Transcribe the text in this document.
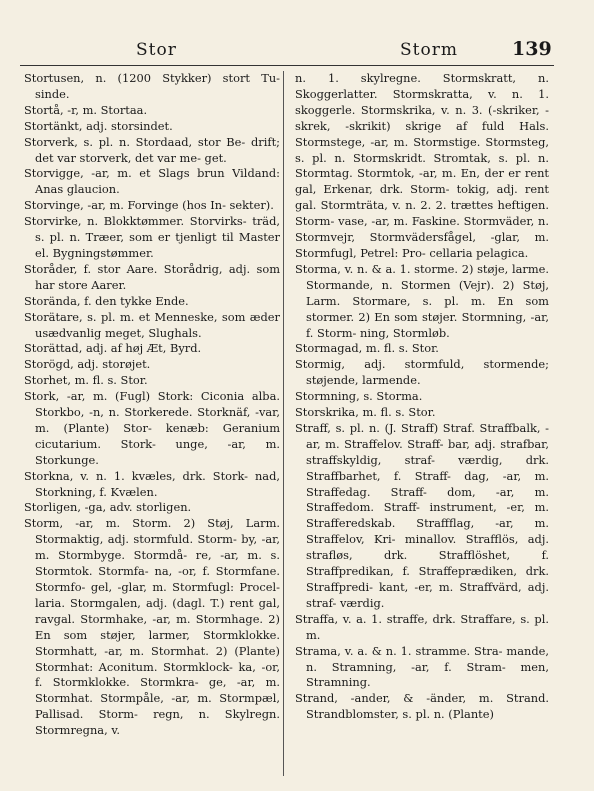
Stor	Storm	139

Stortusen, n. (1200 Stykker) stort Tu- sinde.

Stortå, -r, m. Stortaa.

Stortänkt, adj. storsindet.

Storverk, s. pl. n. Stordaad, stor Be- drift; det var storverk, det var me- get.

Storvigge, -ar, m. et Slags brun Vildand: Anas glaucion.

Storvinge, -ar, m. Forvinge (hos In- sekter).

Storvirke, n. Blokktømmer. Storvirks- träd, s. pl. n. Træer, som er tjenligt til Master el. Bygningstømmer.

Storåder, f. stor Aare. Storådrig, adj. som har store Aarer.

Storända, f. den tykke Ende.

Storätare, s. pl. m. et Menneske, som æder usædvanlig meget, Slughals.

Storättad, adj. af høj Æt, Byrd.

Storögd, adj. storøjet.

Storhet, m. fl. s. Stor.

Stork, -ar, m. (Fugl) Stork: Ciconia alba. Storkbo, -n, n. Storkerede. Storknäf, -var, m. (Plante) Stor- kenæb: Geranium cicutarium. Stork- unge, -ar, m. Storkunge.

Storkna, v. n. 1. kvæles, drk. Stork- nad, Storkning, f. Kvælen.

Storligen, -ga, adv. storligen.

Storm, -ar, m. Storm. 2) Støj, Larm. Stormaktig, adj. stormfuld. Storm- by, -ar, m. Stormbyge. Stormdå- re, -ar, m. s. Stormtok. Stormfa- na, -or, f. Stormfane. Stormfo- gel, -glar, m. Stormfugl: Procel- laria. Stormgalen, adj. (dagl. T.) rent gal, ravgal. Stormhake, -ar, m. Stormhage. 2) En som støjer, larmer, Stormklokke. Stormhatt, -ar, m. Stormhat. 2) (Plante) Stormhat: Aconitum. Stormklock- ka, -or, f. Stormklokke. Stormkra- ge, -ar, m. Stormhat. Stormpåle, -ar, m. Stormpæl, Pallisad. Storm- regn, n. Skylregn. Stormregna, v.

n. 1. skylregne. Stormskratt, n. Skoggerlatter. Stormskratta, v. n. 1. skoggerle. Stormskrika, v. n. 3. (-skriker, -skrek, -skrikit) skrige af fuld Hals. Stormstege, -ar, m. Stormstige. Stormsteg, s. pl. n. Stormskridt. Stromtak, s. pl. n. Stormtag. Stormtok, -ar, m. En, der er rent gal, Erkenar, drk. Storm- tokig, adj. rent gal. Stormträta, v. n. 2. 2. trættes heftigen. Storm- vase, -ar, m. Faskine. Stormväder, n. Stormvejr, Stormvädersfågel, -glar, m. Stormfugl, Petrel: Pro- cellaria pelagica.

Storma, v. n. & a. 1. storme. 2) støje, larme. Stormande, n. Stormen (Vejr). 2) Støj, Larm. Stormare, s. pl. m. En som stormer. 2) En som støjer. Stormning, -ar, f. Storm- ning, Stormløb.

Stormagad, m. fl. s. Stor.

Stormig, adj. stormfuld, stormende; støjende, larmende.

Stormning, s. Storma.

Storskrika, m. fl. s. Stor.

Straff, s. pl. n. (J. Straff) Straf. Straffbalk, -ar, m. Straffelov. Straff- bar, adj. strafbar, straffskyldig, straf- værdig, drk. Straffbarhet, f. Straff- dag, -ar, m. Straffedag. Straff- dom, -ar, m. Straffedom. Straff- instrument, -er, m. Strafferedskab. Straffflag, -ar, m. Straffelov, Kri- minallov. Strafflös, adj. strafløs, drk. Strafflöshet, f. Straffpredikan, f. Straffeprædiken, drk. Straffpredi- kant, -er, m. Straffvärd, adj. straf- værdig.

Straffa, v. a. 1. straffe, drk. Straffare, s. pl. m.

Strama, v. a. & n. 1. stramme. Stra- mande, n. Stramning, -ar, f. Stram- men, Stramning.

Strand, -ander, & -änder, m. Strand. Strandblomster, s. pl. n. (Plante)
